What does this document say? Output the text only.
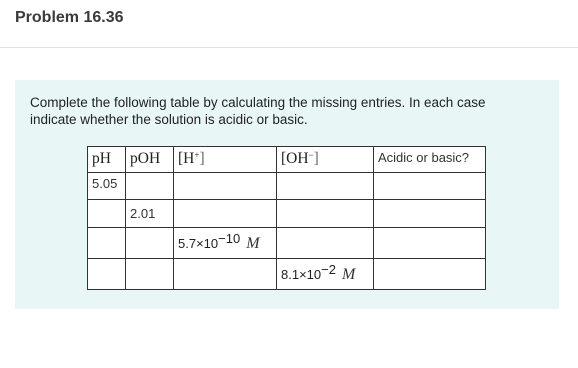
Problem 16.36
Complete the following table by calculating the missing entries. In each case indicate whether the solution is acidic or basic.
pH	pOH	[H+]	[OH−]	Acidic or basic?

5.05				

	2.01			

		$5.7\times 10^{-10}$ M		

			$8.1\times 10^{-2}$ M	
